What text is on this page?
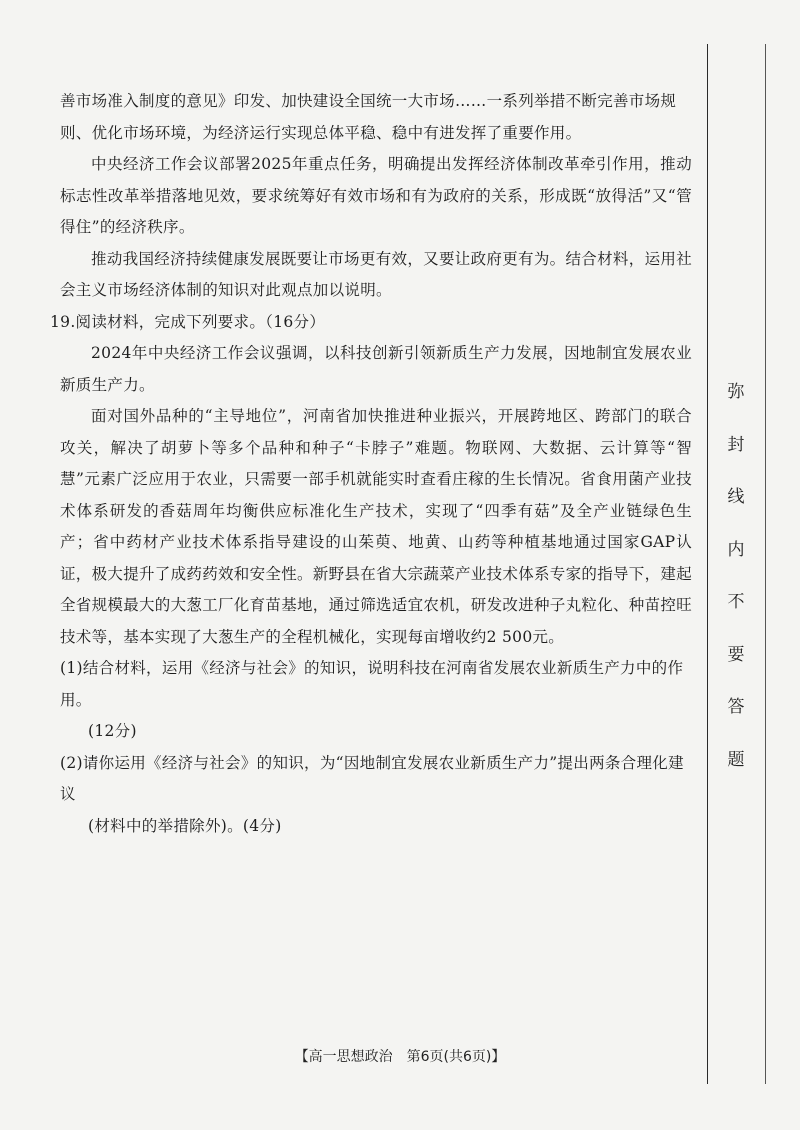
善市场准入制度的意见》印发、加快建设全国统一大市场……一系列举措不断完善市场规

则、优化市场环境，为经济运行实现总体平稳、稳中有进发挥了重要作用。

中央经济工作会议部署2025年重点任务，明确提出发挥经济体制改革牵引作用，推动标志性改革举措落地见效，要求统筹好有效市场和有为政府的关系，形成既“放得活”又“管得住”的经济秩序。

推动我国经济持续健康发展既要让市场更有效，又要让政府更有为。结合材料，运用社会主义市场经济体制的知识对此观点加以说明。

19.阅读材料，完成下列要求。（16分）

2024年中央经济工作会议强调，以科技创新引领新质生产力发展，因地制宜发展农业新质生产力。

面对国外品种的“主导地位”，河南省加快推进种业振兴，开展跨地区、跨部门的联合攻关，解决了胡萝卜等多个品种和种子“卡脖子”难题。物联网、大数据、云计算等“智慧”元素广泛应用于农业，只需要一部手机就能实时查看庄稼的生长情况。省食用菌产业技术体系研发的香菇周年均衡供应标准化生产技术，实现了“四季有菇”及全产业链绿色生产；省中药材产业技术体系指导建设的山茱萸、地黄、山药等种植基地通过国家GAP认证，极大提升了成药药效和安全性。新野县在省大宗蔬菜产业技术体系专家的指导下，建起全省规模最大的大葱工厂化育苗基地，通过筛选适宜农机，研发改进种子丸粒化、种苗控旺技术等，基本实现了大葱生产的全程机械化，实现每亩增收约2 500元。

(1)结合材料，运用《经济与社会》的知识，说明科技在河南省发展农业新质生产力中的作用。

(12分)

(2)请你运用《经济与社会》的知识，为“因地制宜发展农业新质生产力”提出两条合理化建议

(材料中的举措除外)。(4分)

弥
封
线
内
不
要
答
题
【高一思想政治　第6页(共6页)】
